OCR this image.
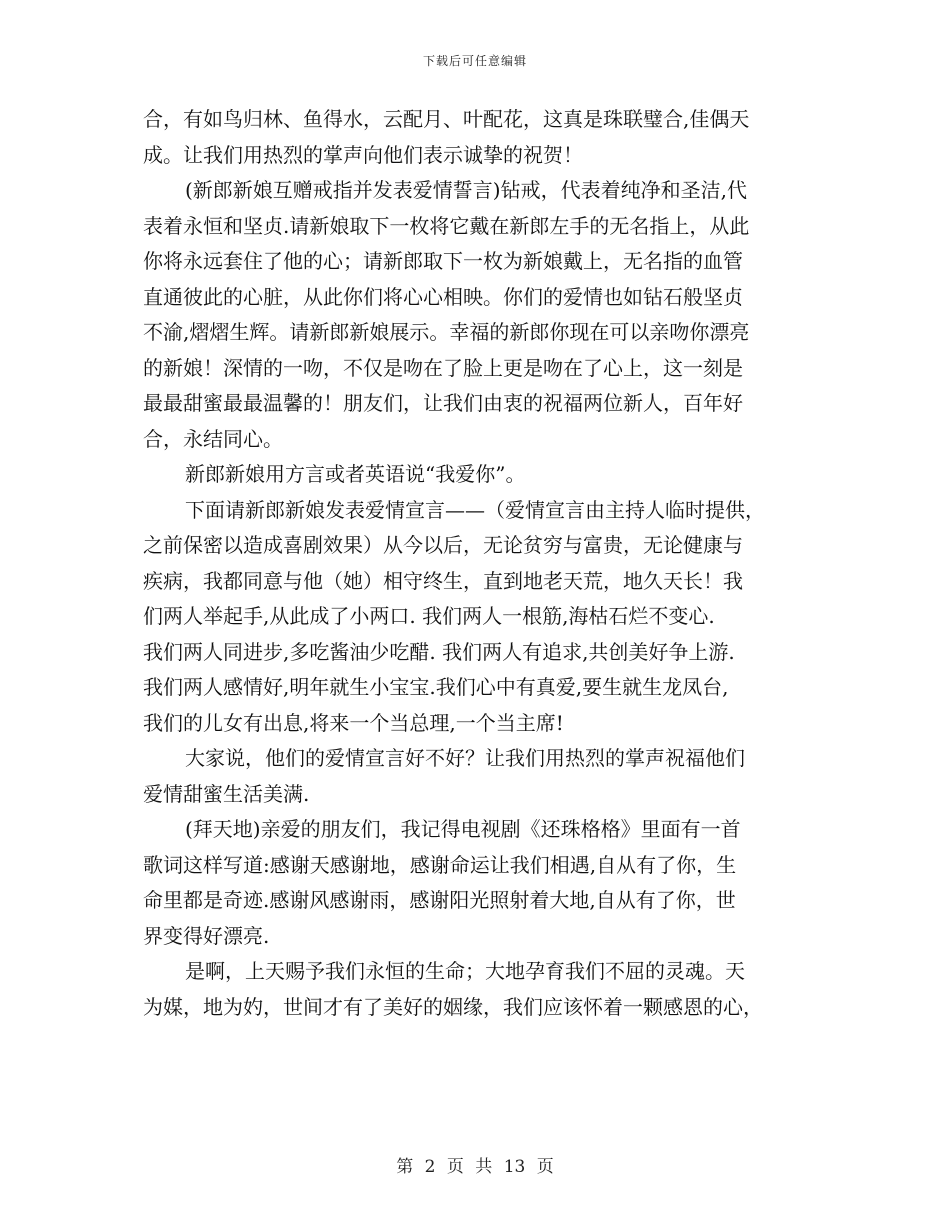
下载后可任意编辑
合，有如鸟归林、鱼得水，云配月、叶配花，这真是珠联璧合,佳偶天
成。让我们用热烈的掌声向他们表示诚挚的祝贺！
(新郎新娘互赠戒指并发表爱情誓言)钻戒，代表着纯净和圣洁,代
表着永恒和坚贞.请新娘取下一枚将它戴在新郎左手的无名指上，从此
你将永远套住了他的心；请新郎取下一枚为新娘戴上，无名指的血管
直通彼此的心脏，从此你们将心心相映。你们的爱情也如钻石般坚贞
不渝,熠熠生辉。请新郎新娘展示。幸福的新郎你现在可以亲吻你漂亮
的新娘！深情的一吻，不仅是吻在了脸上更是吻在了心上，这一刻是
最最甜蜜最最温馨的！朋友们，让我们由衷的祝福两位新人，百年好
合，永结同心。
新郎新娘用方言或者英语说“我爱你”。
下面请新郎新娘发表爱情宣言——（爱情宣言由主持人临时提供，
之前保密以造成喜剧效果）从今以后，无论贫穷与富贵，无论健康与
疾病，我都同意与他（她）相守终生，直到地老天荒，地久天长！我
们两人举起手,从此成了小两口. 我们两人一根筋,海枯石烂不变心.
我们两人同进步,多吃酱油少吃醋. 我们两人有追求,共创美好争上游.
我们两人感情好,明年就生小宝宝.我们心中有真爱,要生就生龙凤台,
我们的儿女有出息,将来一个当总理,一个当主席!
大家说，他们的爱情宣言好不好？让我们用热烈的掌声祝福他们
爱情甜蜜生活美满.
(拜天地)亲爱的朋友们，我记得电视剧《还珠格格》里面有一首
歌词这样写道:感谢天感谢地，感谢命运让我们相遇,自从有了你，生
命里都是奇迹.感谢风感谢雨，感谢阳光照射着大地,自从有了你，世
界变得好漂亮.
是啊，上天赐予我们永恒的生命；大地孕育我们不屈的灵魂。天
为媒，地为妁，世间才有了美好的姻缘，我们应该怀着一颗感恩的心，
第 2 页 共 13 页
